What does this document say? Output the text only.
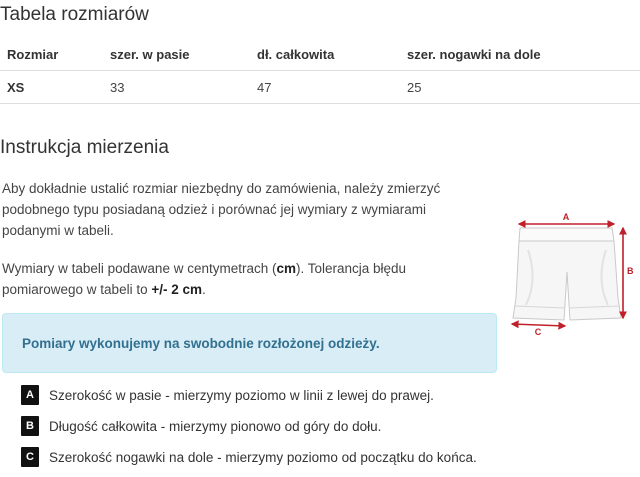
Tabela rozmiarów
Rozmiar	szer. w pasie	dł. całkowita	szer. nogawki na dole
XS	33	47	25
Instrukcja mierzenia

Aby dokładnie ustalić rozmiar niezbędny do zamówienia, należy zmierzyć podobnego typu posiadaną odzież i porównać jej wymiary z wymiarami podanymi w tabeli.

Wymiary w tabeli podawane w centymetrach (cm). Tolerancja błędu pomiarowego w tabeli to +/- 2 cm.

Pomiary wykonujemy na swobodnie rozłożonej odzieży.
A	Szerokość w pasie - mierzymy poziomo w linii z lewej do prawej.
B	Długość całkowita - mierzymy pionowo od góry do dołu.
C	Szerokość nogawki na dole - mierzymy poziomo od początku do końca.
A
B
C
